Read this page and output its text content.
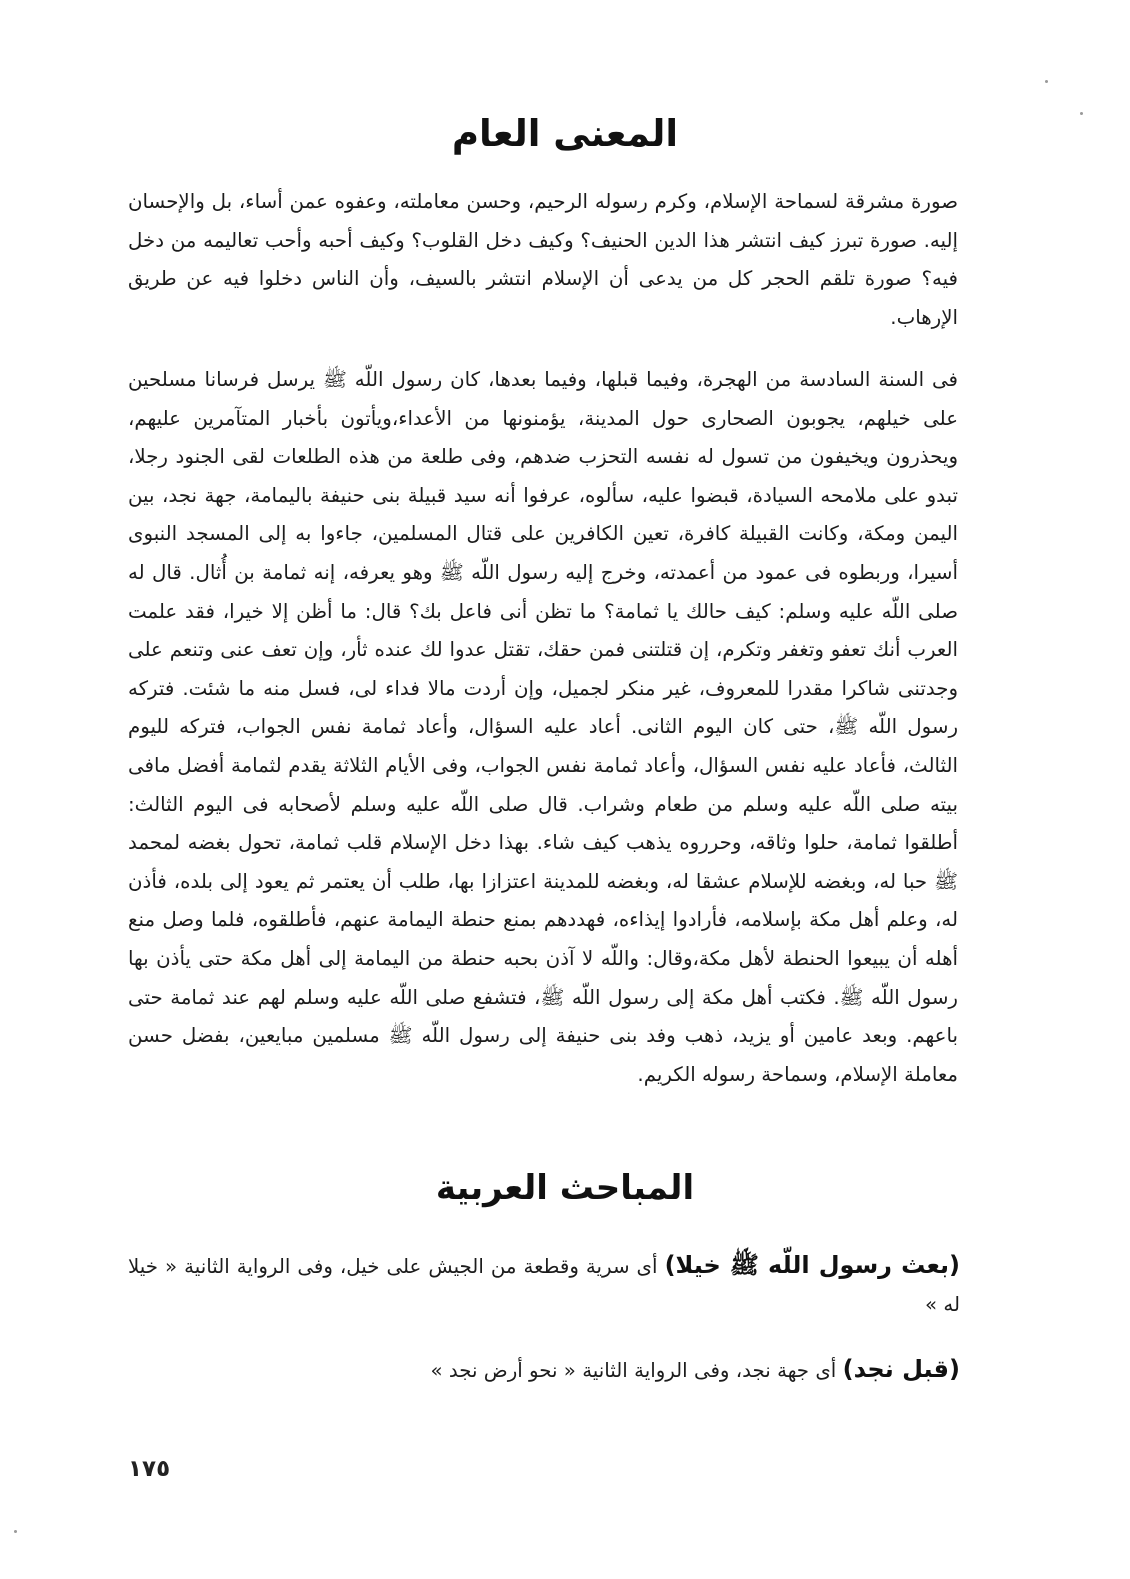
المعنى العام

صورة مشرقة لسماحة الإسلام، وكرم رسوله الرحيم، وحسن معاملته، وعفوه عمن أساء، بل والإحسان إليه. صورة تبرز كيف انتشر هذا الدين الحنيف؟ وكيف دخل القلوب؟ وكيف أحبه وأحب تعاليمه من دخل فيه؟ صورة تلقم الحجر كل من يدعى أن الإسلام انتشر بالسيف، وأن الناس دخلوا فيه عن طريق الإرهاب.

فى السنة السادسة من الهجرة، وفيما قبلها، وفيما بعدها، كان رسول اللّه ﷺ يرسل فرسانا مسلحين على خيلهم، يجوبون الصحارى حول المدينة، يؤمنونها من الأعداء،ويأتون بأخبار المتآمرين عليهم، ويحذرون ويخيفون من تسول له نفسه التحزب ضدهم، وفى طلعة من هذه الطلعات لقى الجنود رجلا، تبدو على ملامحه السيادة، قبضوا عليه، سألوه، عرفوا أنه سيد قبيلة بنى حنيفة باليمامة، جهة نجد، بين اليمن ومكة، وكانت القبيلة كافرة، تعين الكافرين على قتال المسلمين، جاءوا به إلى المسجد النبوى أسيرا، وربطوه فى عمود من أعمدته، وخرج إليه رسول اللّه ﷺ وهو يعرفه، إنه ثمامة بن أُثال. قال له صلى اللّه عليه وسلم: كيف حالك يا ثمامة؟ ما تظن أنى فاعل بك؟ قال: ما أظن إلا خيرا، فقد علمت العرب أنك تعفو وتغفر وتكرم، إن قتلتنى فمن حقك، تقتل عدوا لك عنده ثأر، وإن تعف عنى وتنعم على وجدتنى شاكرا مقدرا للمعروف، غير منكر لجميل، وإن أردت مالا فداء لى، فسل منه ما شئت. فتركه رسول اللّه ﷺ، حتى كان اليوم الثانى. أعاد عليه السؤال، وأعاد ثمامة نفس الجواب، فتركه لليوم الثالث، فأعاد عليه نفس السؤال، وأعاد ثمامة نفس الجواب، وفى الأيام الثلاثة يقدم لثمامة أفضل مافى بيته صلى اللّه عليه وسلم من طعام وشراب. قال صلى اللّه عليه وسلم لأصحابه فى اليوم الثالث: أطلقوا ثمامة، حلوا وثاقه، وحرروه يذهب كيف شاء. بهذا دخل الإسلام قلب ثمامة، تحول بغضه لمحمد ﷺ حبا له، وبغضه للإسلام عشقا له، وبغضه للمدينة اعتزازا بها، طلب أن يعتمر ثم يعود إلى بلده، فأذن له، وعلم أهل مكة بإسلامه، فأرادوا إيذاءه، فهددهم بمنع حنطة اليمامة عنهم، فأطلقوه، فلما وصل منع أهله أن يبيعوا الحنطة لأهل مكة،وقال: واللّه لا آذن بحبه حنطة من اليمامة إلى أهل مكة حتى يأذن بها رسول اللّه ﷺ. فكتب أهل مكة إلى رسول اللّه ﷺ، فتشفع صلى اللّه عليه وسلم لهم عند ثمامة حتى باعهم. وبعد عامين أو يزيد، ذهب وفد بنى حنيفة إلى رسول اللّه ﷺ مسلمين مبايعين، بفضل حسن معاملة الإسلام، وسماحة رسوله الكريم.

المباحث العربية

(بعث رسول اللّه ﷺ خيلا) أى سرية وقطعة من الجيش على خيل، وفى الرواية الثانية « خيلا له »

(قبل نجد) أى جهة نجد، وفى الرواية الثانية « نحو أرض نجد »

١٧٥
